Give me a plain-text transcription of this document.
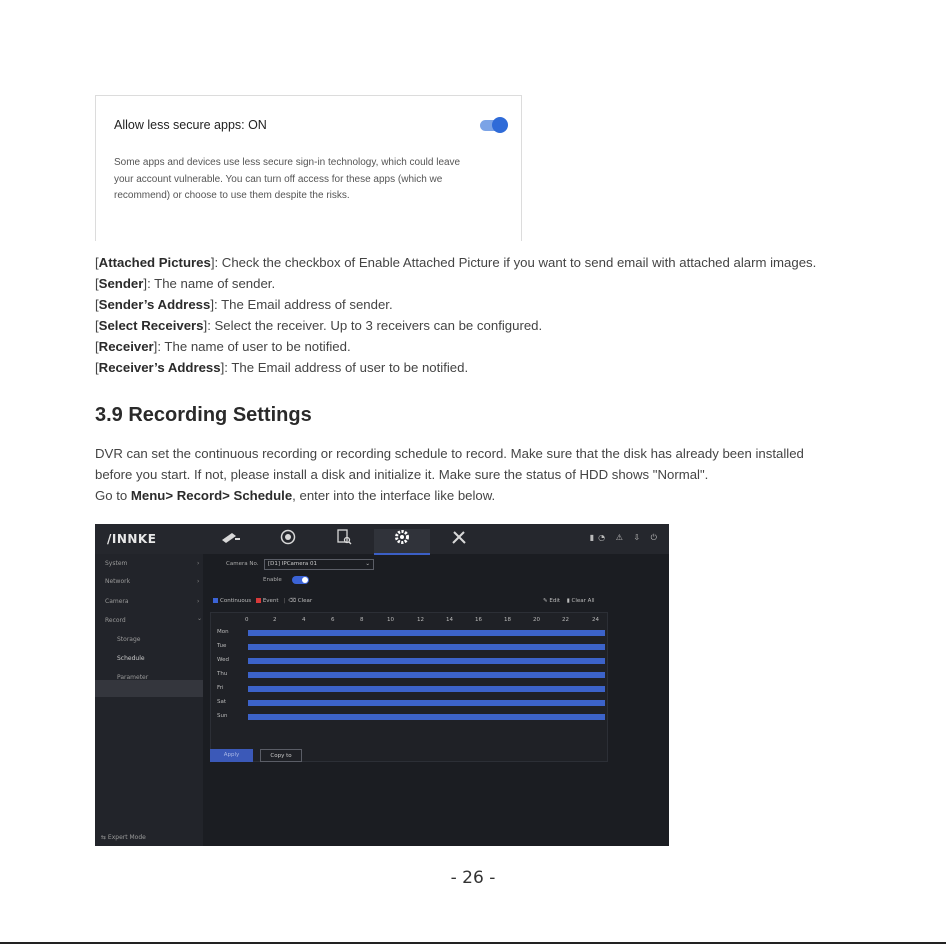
Allow less secure apps: ON
Some apps and devices use less secure sign-in technology, which could leave
your account vulnerable. You can turn off access for these apps (which we
recommend) or choose to use them despite the risks.
[Attached Pictures]: Check the checkbox of Enable Attached Picture if you want to send email with attached alarm images.
[Sender]: The name of sender.
[Sender’s Address]: The Email address of sender.
[Select Receivers]: Select the receiver. Up to 3 receivers can be configured.
[Receiver]: The name of user to be notified.
[Receiver’s Address]: The Email address of user to be notified.
3.9 Recording Settings
DVR can set the continuous recording or recording schedule to record. Make sure that the disk has already been installed
before you start. If not, please install a disk and initialize it. Make sure the status of HDD shows "Normal".
Go to Menu> Record> Schedule, enter into the interface like below.
/INNKE	▮◔ ⚠ ⇩ ⏻
System	›
Network	›
Camera	›
Record	⌄
Storage
Schedule
Parameter
⇆ Expert Mode
Camera No.	[D1] IPCamera 01	⌄
Enable
Continuous Event | ⌫ Clear	✎ Edit ▮ Clear All
0	2	4	6	8	10	12	14	16	18	20	22	24
Mon
Tue
Wed
Thu
Fri
Sat
Sun
Apply	Copy to
- 26 -
